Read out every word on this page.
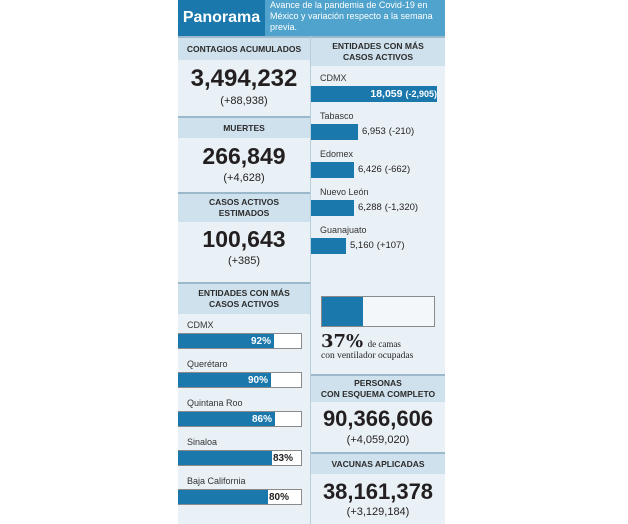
Panorama
Avance de la pandemia de Covid-19 en México y variación respecto a la semana previa.
CONTAGIOS ACUMULADOS
3,494,232
(+88,938)
MUERTES
266,849
(+4,628)
CASOS ACTIVOS
ESTIMADOS
100,643
(+385)
ENTIDADES CON MÁS
CASOS ACTIVOS
CDMX
92%
Querétaro
90%
Quintana Roo
86%
Sinaloa
83%
Baja California
80%
ENTIDADES CON MÁS
CASOS ACTIVOS
CDMX
18,059 (-2,905)
Tabasco
6,953 (-210)
Edomex
6,426 (-662)
Nuevo León
6,288 (-1,320)
Guanajuato
5,160 (+107)
37% de camas
con ventilador ocupadas
PERSONAS
CON ESQUEMA COMPLETO
90,366,606
(+4,059,020)
VACUNAS APLICADAS
38,161,378
(+3,129,184)
